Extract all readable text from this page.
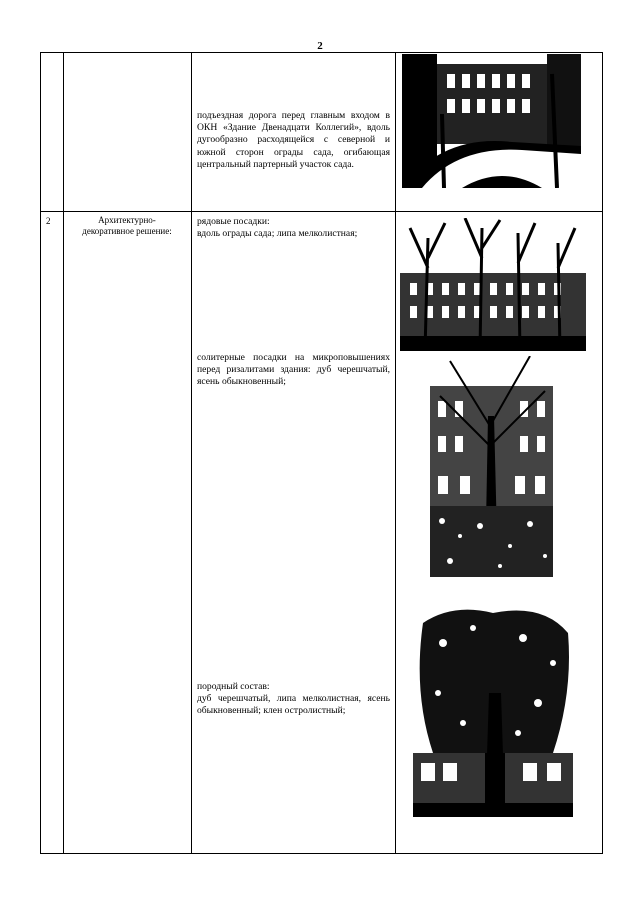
2
подъездная дорога перед главным входом в ОКН «Здание Двенадцати Коллегий», вдоль дугообразно расходящейся с северной и южной сторон ограды сада, огибающая центральный партерный участок сада.
2	Архитектурно-
декоративное решение:
рядовые посадки:
вдоль ограды сада; липа мелколистная;
солитерные посадки на микроповышениях перед ризалитами здания: дуб черешчатый, ясень обыкновенный;
породный состав:
дуб черешчатый, липа мелколистная, ясень обыкновенный; клен остролистный;
